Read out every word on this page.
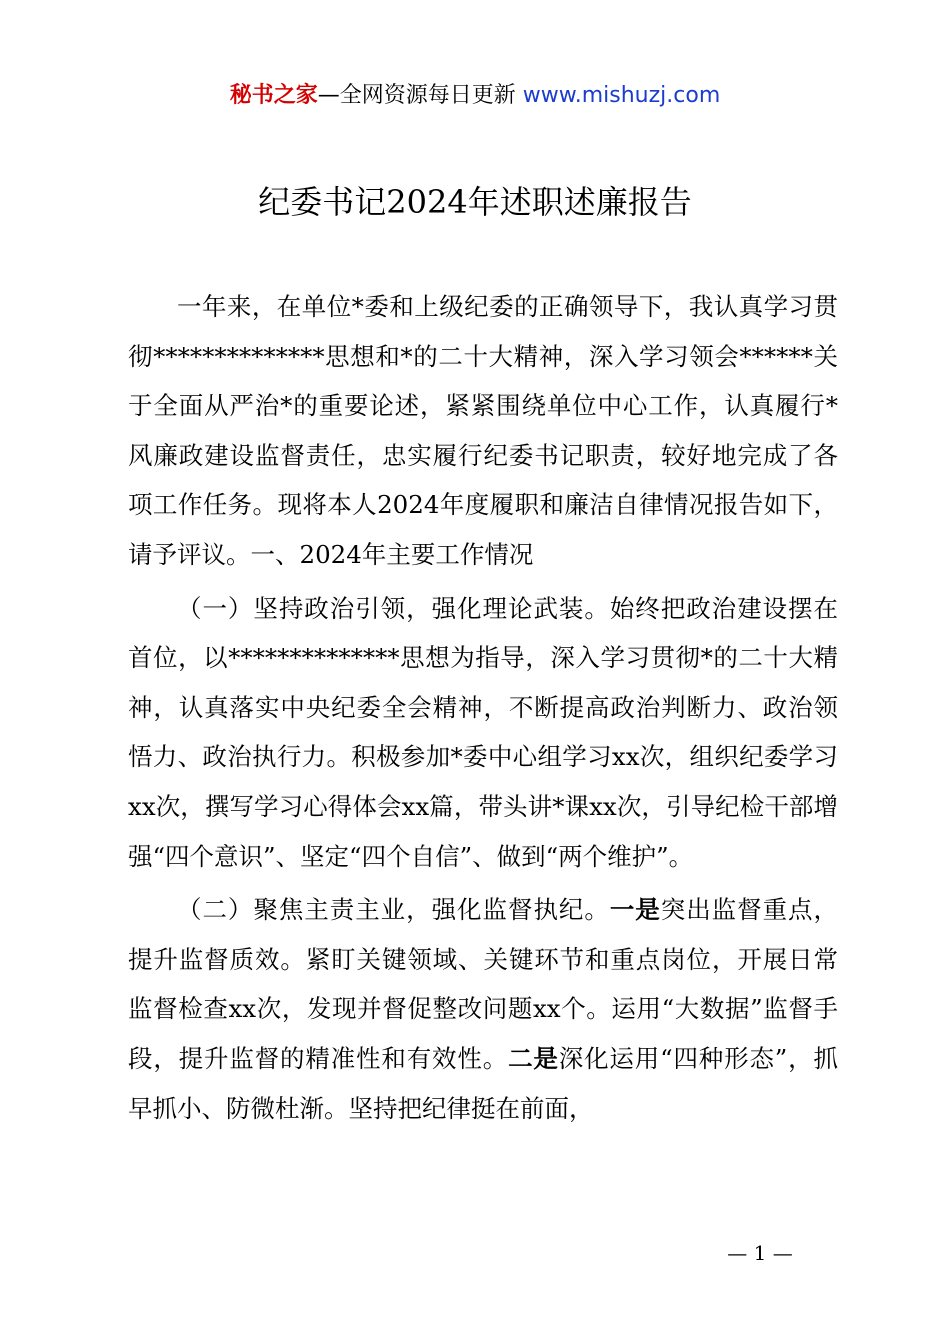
秘书之家—全网资源每日更新 www.mishuzj.com
纪委书记2024年述职述廉报告

一年来，在单位*委和上级纪委的正确领导下，我认真学习贯彻**************思想和*的二十大精神，深入学习领会******关于全面从严治*的重要论述，紧紧围绕单位中心工作，认真履行*风廉政建设监督责任，忠实履行纪委书记职责，较好地完成了各项工作任务。现将本人2024年度履职和廉洁自律情况报告如下，请予评议。一、2024年主要工作情况

（一）坚持政治引领，强化理论武装。始终把政治建设摆在首位，以**************思想为指导，深入学习贯彻*的二十大精神，认真落实中央纪委全会精神，不断提高政治判断力、政治领悟力、政治执行力。积极参加*委中心组学习xx次，组织纪委学习xx次，撰写学习心得体会xx篇，带头讲*课xx次，引导纪检干部增强“四个意识”、坚定“四个自信”、做到“两个维护”。

（二）聚焦主责主业，强化监督执纪。一是突出监督重点，提升监督质效。紧盯关键领域、关键环节和重点岗位，开展日常监督检查xx次，发现并督促整改问题xx个。运用“大数据”监督手段，提升监督的精准性和有效性。二是深化运用“四种形态”，抓早抓小、防微杜渐。坚持把纪律挺在前面，

— 1 —
